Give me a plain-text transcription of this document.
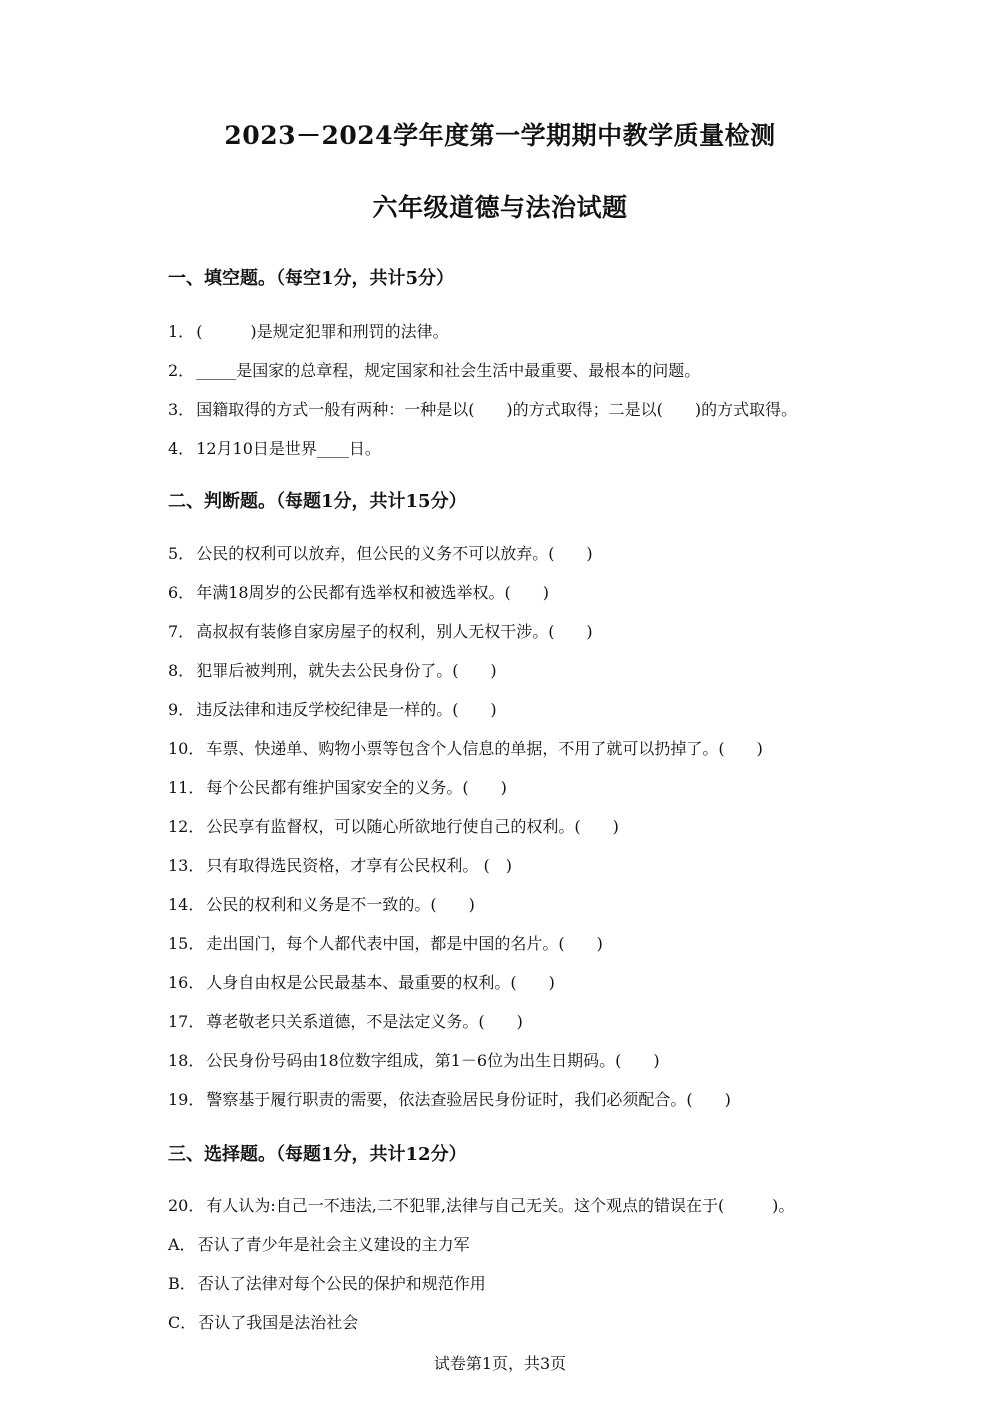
2023－2024学年度第一学期期中教学质量检测
六年级道德与法治试题
一、填空题。（每空1分，共计5分）
1． (　　　)是规定犯罪和刑罚的法律。
2． _____是国家的总章程，规定国家和社会生活中最重要、最根本的问题。
3． 国籍取得的方式一般有两种：一种是以(　　)的方式取得；二是以(　　)的方式取得。
4． 12月10日是世界____日。
二、判断题。（每题1分，共计15分）
5． 公民的权利可以放弃，但公民的义务不可以放弃。(　　)
6． 年满18周岁的公民都有选举权和被选举权。(　　)
7． 高叔叔有装修自家房屋子的权利，别人无权干涉。(　　)
8． 犯罪后被判刑，就失去公民身份了。(　　)
9． 违反法律和违反学校纪律是一样的。(　　)
10． 车票、快递单、购物小票等包含个人信息的单据，不用了就可以扔掉了。(　　)
11． 每个公民都有维护国家安全的义务。(　　)
12． 公民享有监督权，可以随心所欲地行使自己的权利。(　　)
13． 只有取得选民资格，才享有公民权利。 (　)
14． 公民的权利和义务是不一致的。(　　)
15． 走出国门，每个人都代表中国，都是中国的名片。(　　)
16． 人身自由权是公民最基本、最重要的权利。(　　)
17． 尊老敬老只关系道德，不是法定义务。(　　)
18． 公民身份号码由18位数字组成，第1－6位为出生日期码。(　　)
19． 警察基于履行职责的需要，依法查验居民身份证时，我们必须配合。(　　)
三、选择题。（每题1分，共计12分）
20． 有人认为:自己一不违法,二不犯罪,法律与自己无关。这个观点的错误在于(　　　)。
A． 否认了青少年是社会主义建设的主力军
B． 否认了法律对每个公民的保护和规范作用
C． 否认了我国是法治社会
试卷第1页，共3页
